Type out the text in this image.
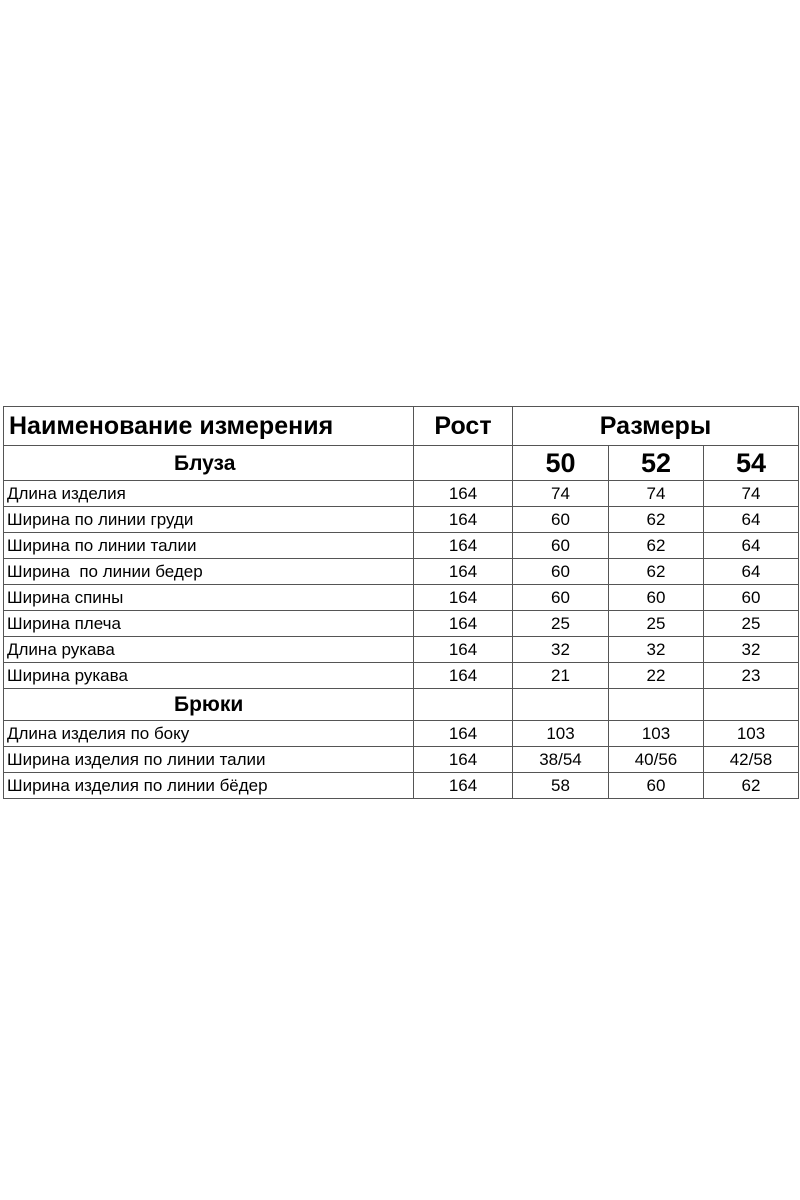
Наименование измерения	Рост	Размеры		
Блуза		50	52	54
Длина изделия	164	74	74	74
Ширина по линии груди	164	60	62	64
Ширина по линии талии	164	60	62	64
Ширина  по линии бедер	164	60	62	64
Ширина спины	164	60	60	60
Ширина плеча	164	25	25	25
Длина рукава	164	32	32	32
Ширина рукава	164	21	22	23
Брюки				
Длина изделия по боку	164	103	103	103
Ширина изделия по линии талии	164	38/54	40/56	42/58
Ширина изделия по линии бёдер	164	58	60	62
